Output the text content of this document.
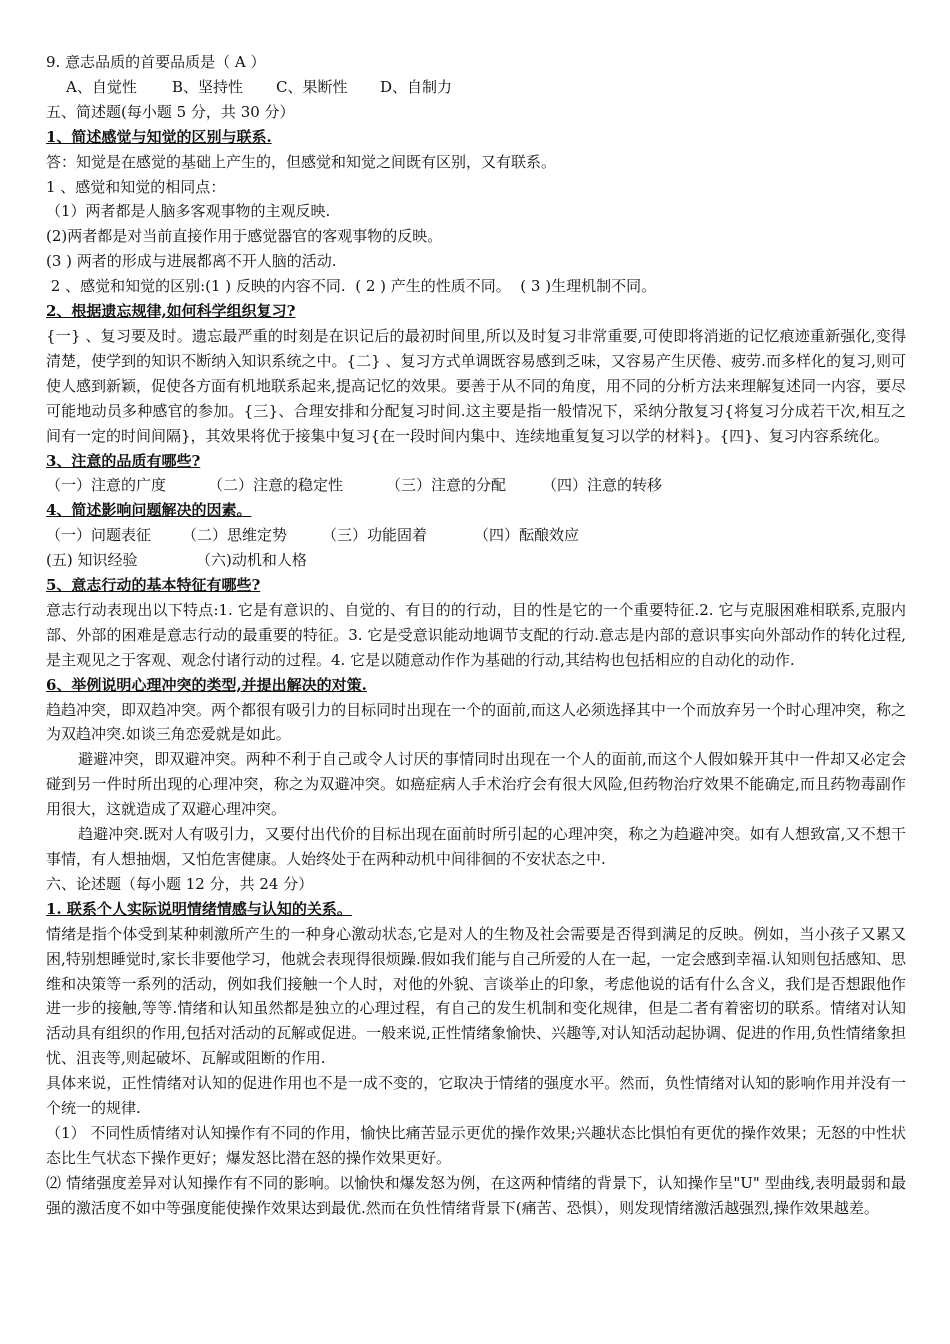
9. 意志品质的首要品质是（ A ）
A、自觉性 B、坚持性 C、果断性 D、自制力
五、简述题(每小题 5 分，共 30 分）
1、简述感觉与知觉的区别与联系.
答：知觉是在感觉的基础上产生的，但感觉和知觉之间既有区别，又有联系。
1 、感觉和知觉的相同点：
（1）两者都是人脑多客观事物的主观反映.
(2)两者都是对当前直接作用于感觉器官的客观事物的反映。
(3 ) 两者的形成与进展都离不开人脑的活动.
2 、感觉和知觉的区别:(1 ) 反映的内容不同.  ( 2 ) 产生的性质不同。  ( 3 )生理机制不同。
2、根据遗忘规律,如何科学组织复习?
{一} 、复习要及时。遗忘最严重的时刻是在识记后的最初时间里,所以及时复习非常重要,可使即将消逝的记忆痕迹重新强化,变得清楚，使学到的知识不断纳入知识系统之中。{二} 、复习方式单调既容易感到乏味，又容易产生厌倦、疲劳.而多样化的复习,则可使人感到新颖，促使各方面有机地联系起来,提高记忆的效果。要善于从不同的角度，用不同的分析方法来理解复述同一内容，要尽可能地动员多种感官的参加。{三}、合理安排和分配复习时间.这主要是指一般情况下，采纳分散复习{将复习分成若干次,相互之间有一定的时间间隔}，其效果将优于接集中复习{在一段时间内集中、连续地重复复习以学的材料}。{四}、复习内容系统化。
3、注意的品质有哪些?
（一）注意的广度	（二）注意的稳定性	（三）注意的分配 （四）注意的转移
4、简述影响问题解决的因素。
（一）问题表征 （二）思维定势 （三）功能固着	（四）酝酿效应
(五) 知识经验	（六)动机和人格
5、意志行动的基本特征有哪些?
意志行动表现出以下特点:1. 它是有意识的、自觉的、有目的的行动，目的性是它的一个重要特征.2. 它与克服困难相联系,克服内部、外部的困难是意志行动的最重要的特征。3. 它是受意识能动地调节支配的行动.意志是内部的意识事实向外部动作的转化过程,是主观见之于客观、观念付诸行动的过程。4. 它是以随意动作作为基础的行动,其结构也包括相应的自动化的动作.
6、举例说明心理冲突的类型,并提出解决的对策.
趋趋冲突，即双趋冲突。两个都很有吸引力的目标同时出现在一个的面前,而这人必须选择其中一个而放弃另一个时心理冲突，称之为双趋冲突.如谈三角恋爱就是如此。
避避冲突，即双避冲突。两种不利于自己或令人讨厌的事情同时出现在一个人的面前,而这个人假如躲开其中一件却又必定会碰到另一件时所出现的心理冲突，称之为双避冲突。如癌症病人手术治疗会有很大风险,但药物治疗效果不能确定,而且药物毒副作用很大，这就造成了双避心理冲突。
趋避冲突.既对人有吸引力，又要付出代价的目标出现在面前时所引起的心理冲突，称之为趋避冲突。如有人想致富,又不想干事情，有人想抽烟，又怕危害健康。人始终处于在两种动机中间徘徊的不安状态之中.
六、论述题（每小题 12 分，共 24 分）
1. 联系个人实际说明情绪情感与认知的关系。
情绪是指个体受到某种刺激所产生的一种身心激动状态,它是对人的生物及社会需要是否得到满足的反映。例如，当小孩子又累又困,特别想睡觉时,家长非要他学习，他就会表现得很烦躁.假如我们能与自己所爱的人在一起，一定会感到幸福.认知则包括感知、思维和决策等一系列的活动，例如我们接触一个人时，对他的外貌、言谈举止的印象，考虑他说的话有什么含义，我们是否想跟他作进一步的接触,等等.情绪和认知虽然都是独立的心理过程，有自己的发生机制和变化规律，但是二者有着密切的联系。情绪对认知活动具有组织的作用,包括对活动的瓦解或促进。一般来说,正性情绪象愉快、兴趣等,对认知活动起协调、促进的作用,负性情绪象担忧、沮丧等,则起破坏、瓦解或阻断的作用.
具体来说，正性情绪对认知的促进作用也不是一成不变的，它取决于情绪的强度水平。然而，负性情绪对认知的影响作用并没有一个统一的规律.
（1） 不同性质情绪对认知操作有不同的作用，愉快比痛苦显示更优的操作效果;兴趣状态比惧怕有更优的操作效果；无怒的中性状态比生气状态下操作更好；爆发怒比潜在怒的操作效果更好。
⑵ 情绪强度差异对认知操作有不同的影响。以愉快和爆发怒为例，在这两种情绪的背景下，认知操作呈"U" 型曲线,表明最弱和最强的激活度不如中等强度能使操作效果达到最优.然而在负性情绪背景下(痛苦、恐惧），则发现情绪激活越强烈,操作效果越差。
